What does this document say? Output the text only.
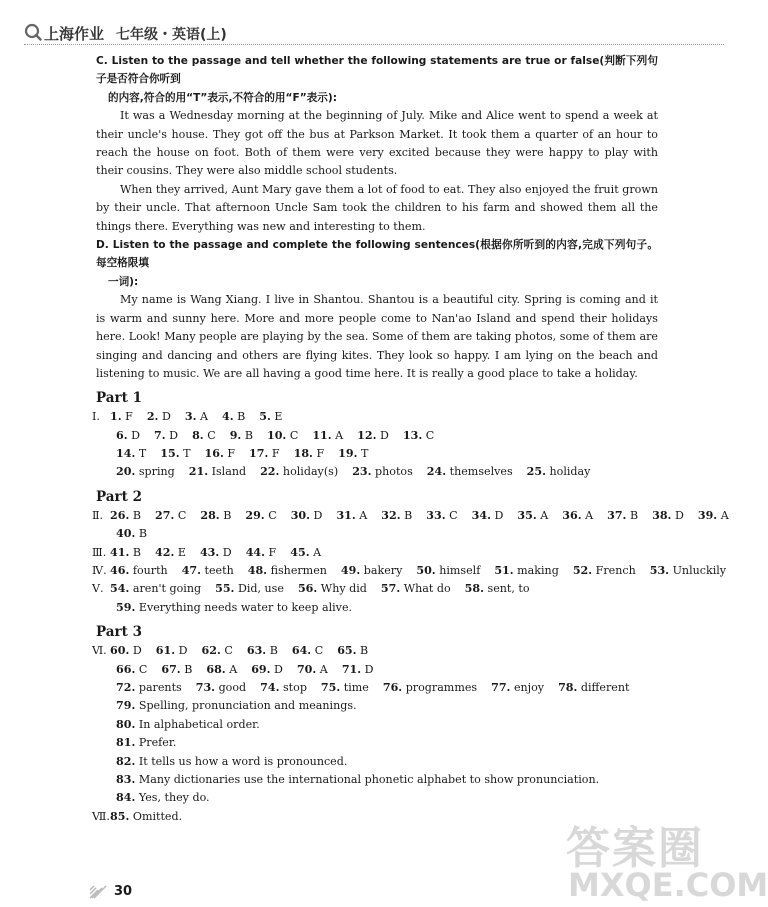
上海作业 七年级・英语(上)
C. Listen to the passage and tell whether the following statements are true or false(判断下列句子是否符合你听到
的内容,符合的用“T”表示,不符合的用“F”表示):
It was a Wednesday morning at the beginning of July. Mike and Alice went to spend a week at their uncle's house. They got off the bus at Parkson Market. It took them a quarter of an hour to reach the house on foot. Both of them were very excited because they were happy to play with their cousins. They were also middle school students.
When they arrived, Aunt Mary gave them a lot of food to eat. They also enjoyed the fruit grown by their uncle. That afternoon Uncle Sam took the children to his farm and showed them all the things there. Everything was new and interesting to them.
D. Listen to the passage and complete the following sentences(根据你所听到的内容,完成下列句子。每空格限填
一词):
My name is Wang Xiang. I live in Shantou. Shantou is a beautiful city. Spring is coming and it is warm and sunny here. More and more people come to Nan'ao Island and spend their holidays here. Look! Many people are playing by the sea. Some of them are taking photos, some of them are singing and dancing and others are flying kites. They look so happy. I am lying on the beach and listening to music. We are all having a good time here. It is really a good place to take a holiday.
Part 1
Ⅰ. 1. F 2. D 3. A 4. B 5. E
6. D 7. D 8. C 9. B 10. C 11. A 12. D 13. C
14. T 15. T 16. F 17. F 18. F 19. T
20. spring 21. Island 22. holiday(s) 23. photos 24. themselves 25. holiday
Part 2
Ⅱ. 26. B 27. C 28. B 29. C 30. D 31. A 32. B 33. C 34. D 35. A 36. A 37. B 38. D 39. A
40. B
Ⅲ. 41. B 42. E 43. D 44. F 45. A
Ⅳ. 46. fourth 47. teeth 48. fishermen 49. bakery 50. himself 51. making 52. French 53. Unluckily
Ⅴ. 54. aren't going 55. Did, use 56. Why did 57. What do 58. sent, to
59. Everything needs water to keep alive.
Part 3
Ⅵ. 60. D 61. D 62. C 63. B 64. C 65. B
66. C 67. B 68. A 69. D 70. A 71. D
72. parents 73. good 74. stop 75. time 76. programmes 77. enjoy 78. different
79. Spelling, pronunciation and meanings.
80. In alphabetical order.
81. Prefer.
82. It tells us how a word is pronounced.
83. Many dictionaries use the international phonetic alphabet to show pronunciation.
84. Yes, they do.
Ⅶ. 85. Omitted.
30
答案圈
MXQE.COM
